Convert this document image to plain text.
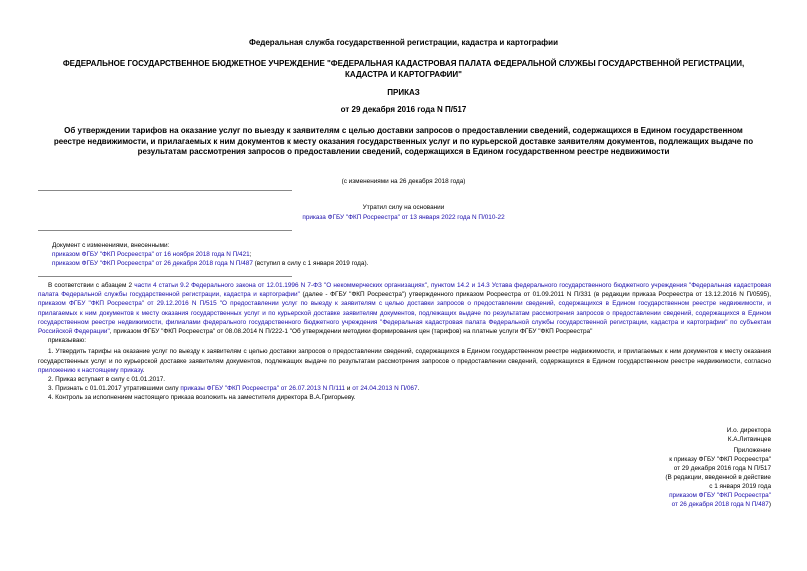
Федеральная служба государственной регистрации, кадастра и картографии
ФЕДЕРАЛЬНОЕ ГОСУДАРСТВЕННОЕ БЮДЖЕТНОЕ УЧРЕЖДЕНИЕ "ФЕДЕРАЛЬНАЯ КАДАСТРОВАЯ ПАЛАТА ФЕДЕРАЛЬНОЙ СЛУЖБЫ ГОСУДАРСТВЕННОЙ РЕГИСТРАЦИИ, КАДАСТРА И КАРТОГРАФИИ"
ПРИКАЗ
от 29 декабря 2016 года N П/517
Об утверждении тарифов на оказание услуг по выезду к заявителям с целью доставки запросов о предоставлении сведений, содержащихся в Едином государственном реестре недвижимости, и прилагаемых к ним документов к месту оказания государственных услуг и по курьерской доставке заявителям документов, подлежащих выдаче по результатам рассмотрения запросов о предоставлении сведений, содержащихся в Едином государственном реестре недвижимости
(с изменениями на 26 декабря 2018 года)
Утратил силу на основании
приказа ФГБУ "ФКП Росреестра" от 13 января 2022 года N П/010-22
Документ с изменениями, внесенными:
приказом ФГБУ "ФКП Росреестра" от 16 ноября 2018 года N П/421;
приказом ФГБУ "ФКП Росреестра" от 26 декабря 2018 года N П/487 (вступил в силу с 1 января 2019 года).

В соответствии с абзацем 2 части 4 статьи 9.2 Федерального закона от 12.01.1996 N 7-ФЗ "О некоммерческих организациях", пунктом 14.2 и 14.3 Устава федерального государственного бюджетного учреждения "Федеральная кадастровая палата Федеральной службы государственной регистрации, кадастра и картографии" (далее - ФГБУ "ФКП Росреестра") утвержденного приказом Росреестра от 01.09.2011 N П/331 (в редакции приказа Росреестра от 13.12.2016 N П/0595), приказом ФГБУ "ФКП Росреестра" от 29.12.2016 N П/515 "О предоставлении услуг по выезду к заявителям с целью доставки запросов о предоставлении сведений, содержащихся в Едином государственном реестре недвижимости, и прилагаемых к ним документов к месту оказания государственных услуг и по курьерской доставке заявителям документов, подлежащих выдаче по результатам рассмотрения запросов о предоставлении сведений, содержащихся в Едином государственном реестре недвижимости, филиалами федерального государственного бюджетного учреждения "Федеральная кадастровая палата Федеральной службы государственной регистрации, кадастра и картографии" по субъектам Российской Федерации", приказом ФГБУ "ФКП Росреестра" от 08.08.2014 N П/222-1 "Об утверждении методики формирования цен (тарифов) на платные услуги ФГБУ "ФКП Росреестра"

приказываю:

1. Утвердить тарифы на оказание услуг по выезду к заявителям с целью доставки запросов о предоставлении сведений, содержащихся в Едином государственном реестре недвижимости, и прилагаемых к ним документов к месту оказания государственных услуг и по курьерской доставке заявителям документов, подлежащих выдаче по результатам рассмотрения запросов о предоставлении сведений, содержащихся в Едином государственном реестре недвижимости, согласно приложению к настоящему приказу.

2. Приказ вступает в силу с 01.01.2017.

3. Признать с 01.01.2017 утратившими силу приказы ФГБУ "ФКП Росреестра" от 26.07.2013 N П/111 и от 24.04.2013 N П/067.

4. Контроль за исполнением настоящего приказа возложить на заместителя директора В.А.Григорьеву.

И.о. директора
К.А.Литвинцев
Приложение
к приказу ФГБУ "ФКП Росреестра"
от 29 декабря 2016 года N П/517
(В редакции, введенной в действие
с 1 января 2019 года
приказом ФГБУ "ФКП Росреестра"
от 26 декабря 2018 года N П/487)
